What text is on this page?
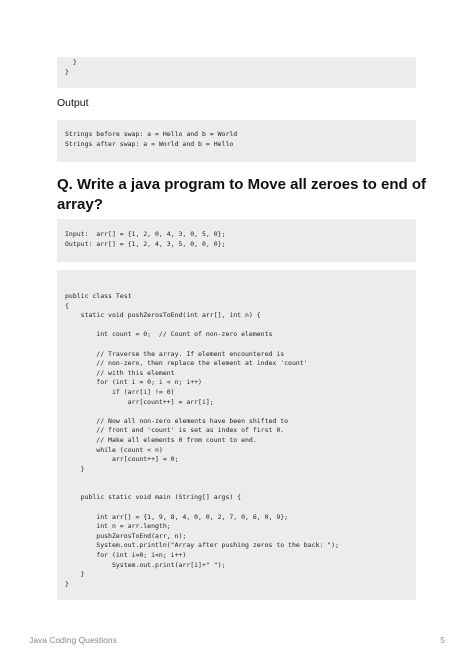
}
}
Output
Strings before swap: a = Hello and b = World
Strings after swap: a = World and b = Hello
Q. Write a java program to Move all zeroes to end of array?
Input:  arr[] = {1, 2, 0, 4, 3, 0, 5, 0};
Output: arr[] = {1, 2, 4, 3, 5, 0, 0, 0};
public class Test
{
static void pushZerosToEnd(int arr[], int n) {

int count = 0;  // Count of non-zero elements

// Traverse the array. If element encountered is
// non-zero, then replace the element at index 'count'
// with this element
for (int i = 0; i < n; i++)
if (arr[i] != 0)
arr[count++] = arr[i];

// Now all non-zero elements have been shifted to
// front and 'count' is set as index of first 0.
// Make all elements 0 from count to end.
while (count < n)
arr[count++] = 0;
}

public static void main (String[] args) {

int arr[] = {1, 9, 8, 4, 0, 0, 2, 7, 0, 6, 0, 9};
int n = arr.length;
pushZerosToEnd(arr, n);
System.out.println("Array after pushing zeros to the back: ");
for (int i=0; i<n; i++)
System.out.print(arr[i]+" ");
}
}
Java Coding Questions	5
